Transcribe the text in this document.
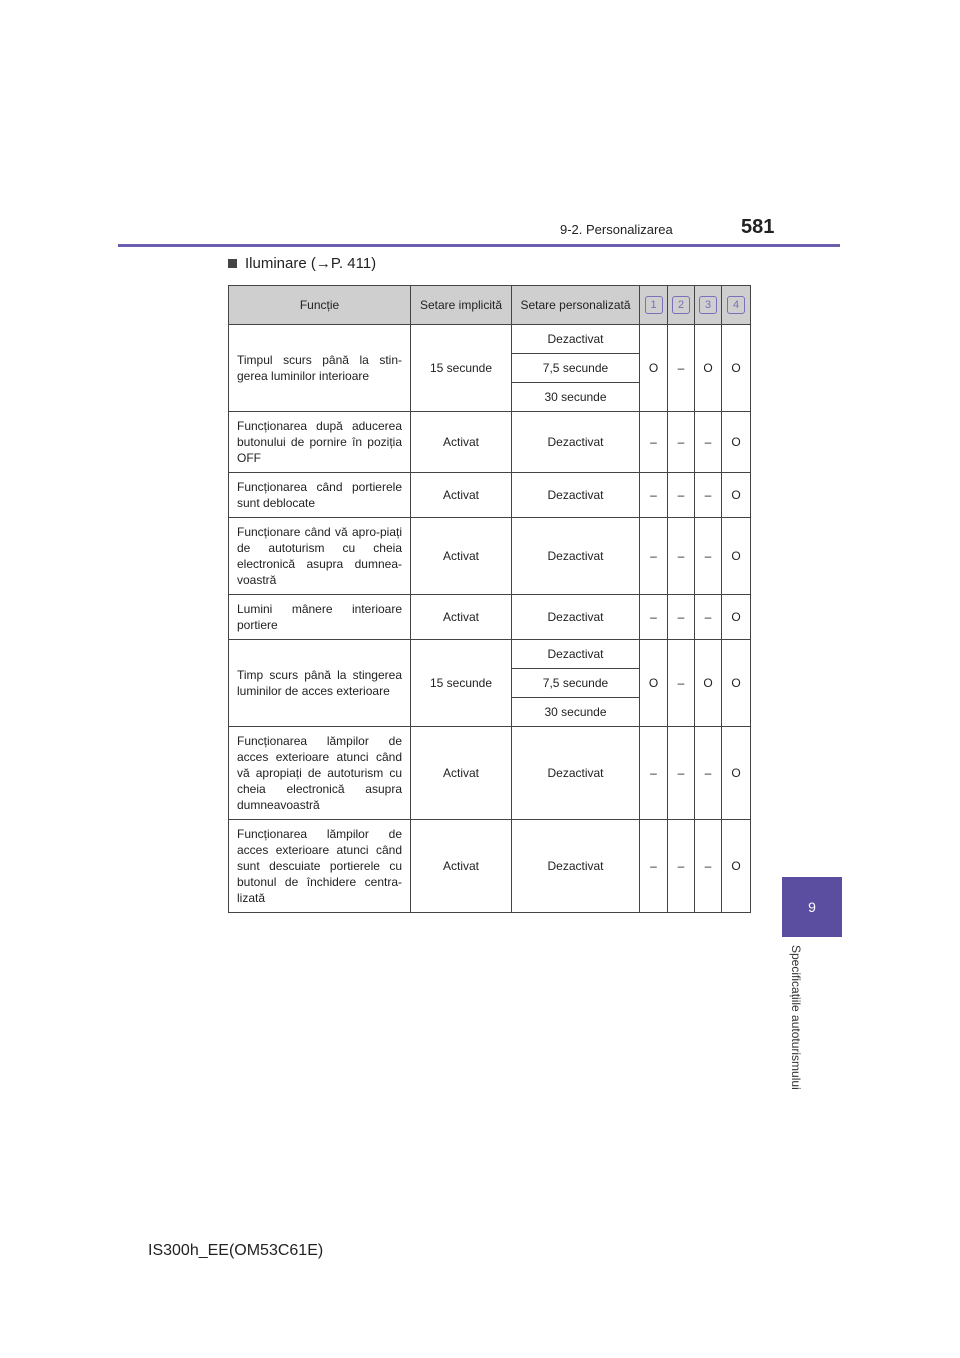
9-2. Personalizarea	581
9
Specificațiile autoturismului
Iluminare (→P. 411)
Funcție	Setare implicită	Setare personalizată	1	2	3	4
Timpul scurs până la stin-gerea luminilor interioare	15 secunde	Dezactivat	O	–	O	O
		7,5 secunde				
		30 secunde				
Funcționarea după aducerea butonului de pornire în poziția OFF	Activat	Dezactivat	–	–	–	O
Funcționarea când portierele sunt deblocate	Activat	Dezactivat	–	–	–	O
Funcționare când vă apro-piați de autoturism cu cheia electronică asupra dumnea-voastră	Activat	Dezactivat	–	–	–	O
Lumini mânere interioare portiere	Activat	Dezactivat	–	–	–	O
Timp scurs până la stingerea luminilor de acces exterioare	15 secunde	Dezactivat	O	–	O	O
		7,5 secunde				
		30 secunde				
Funcționarea lămpilor de acces exterioare atunci când vă apropiați de autoturism cu cheia electronică asupra dumneavoastră	Activat	Dezactivat	–	–	–	O
Funcționarea lămpilor de acces exterioare atunci când sunt descuiate portierele cu butonul de închidere centra-lizată	Activat	Dezactivat	–	–	–	O
IS300h_EE(OM53C61E)
